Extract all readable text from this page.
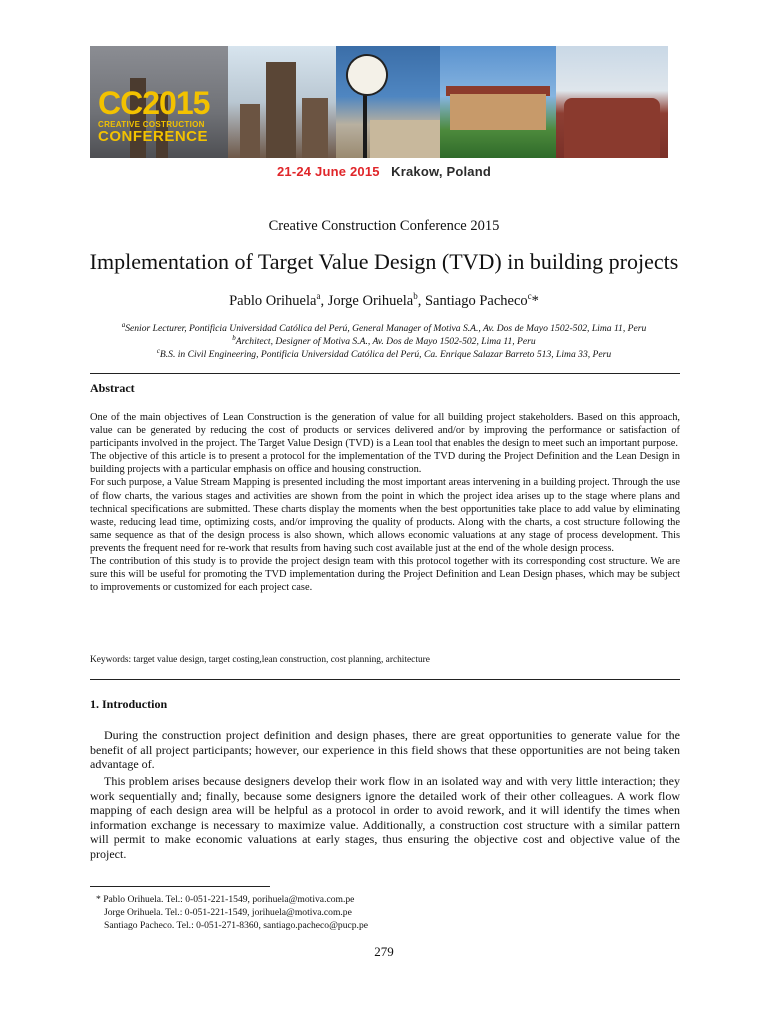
CC2015
CREATIVE COSTRUCTION
CONFERENCE
21-24 June 2015 Krakow, Poland
Creative Construction Conference 2015
Implementation of Target Value Design (TVD) in building projects
Pablo Orihuela$^a$, Jorge Orihuela$^b$, Santiago Pacheco$^c$*
$^a$Senior Lecturer, Pontificia Universidad Católica del Perú, General Manager of Motiva S.A., Av. Dos de Mayo 1502-502, Lima 11, Peru
$^b$Architect, Designer of Motiva S.A., Av. Dos de Mayo 1502-502, Lima 11, Peru
$^c$B.S. in Civil Engineering, Pontificia Universidad Católica del Perú, Ca. Enrique Salazar Barreto 513, Lima 33, Peru
Abstract
One of the main objectives of Lean Construction is the generation of value for all building project stakeholders. Based on this approach, value can be generated by reducing the cost of products or services delivered and/or by improving the performance or satisfaction of participants involved in the project. The Target Value Design (TVD) is a Lean tool that enables the design to meet such an important purpose.
The objective of this article is to present a protocol for the implementation of the TVD during the Project Definition and the Lean Design in building projects with a particular emphasis on office and housing construction.
For such purpose, a Value Stream Mapping is presented including the most important areas intervening in a building project. Through the use of flow charts, the various stages and activities are shown from the point in which the project idea arises up to the stage where plans and technical specifications are submitted. These charts display the moments when the best opportunities take place to add value by eliminating waste, reducing lead time, optimizing costs, and/or improving the quality of products. Along with the charts, a cost structure following the same sequence as that of the design process is also shown, which allows economic valuations at any stage of process development. This prevents the frequent need for re-work that results from having such cost available just at the end of the whole design process.
The contribution of this study is to provide the project design team with this protocol together with its corresponding cost structure. We are sure this will be useful for promoting the TVD implementation during the Project Definition and Lean Design phases, which may be subject to improvements or customized for each project case.
Keywords: target value design, target costing,lean construction, cost planning, architecture
1. Introduction
During the construction project definition and design phases, there are great opportunities to generate value for the benefit of all project participants; however, our experience in this field shows that these opportunities are not being taken advantage of.
This problem arises because designers develop their work flow in an isolated way and with very little interaction; they work sequentially and; finally, because some designers ignore the detailed work of their other colleagues. A work flow mapping of each design area will be helpful as a protocol in order to avoid rework, and it will identify the times when information exchange is necessary to maximize value. Additionally, a construction cost structure with a similar pattern will permit to make economic valuations at early stages, thus ensuring the objective cost and objective value of the project.
* Pablo Orihuela. Tel.: 0-051-221-1549, porihuela@motiva.com.pe
Jorge Orihuela. Tel.: 0-051-221-1549, jorihuela@motiva.com.pe
Santiago Pacheco. Tel.: 0-051-271-8360, santiago.pacheco@pucp.pe
279
